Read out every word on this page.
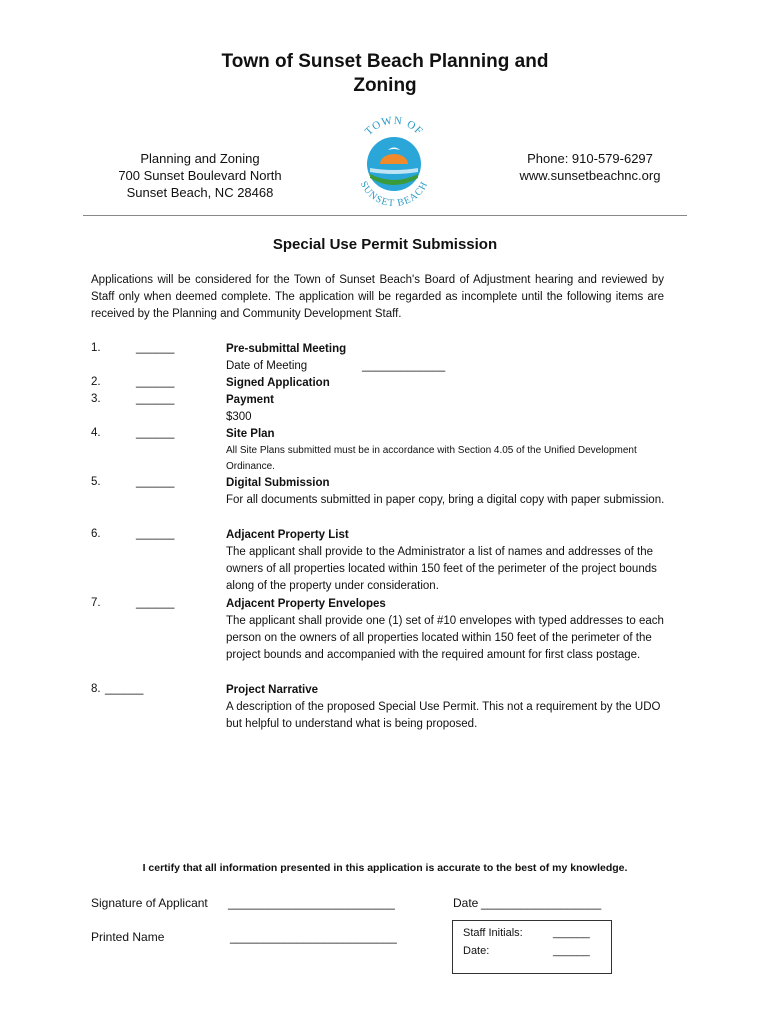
Town of Sunset Beach Planning and
Zoning
Planning and Zoning
700 Sunset Boulevard North
Sunset Beach, NC 28468
TOWN OF
SUNSET BEACH
Phone: 910-579-6297
www.sunsetbeachnc.org
Special Use Permit Submission
Applications will be considered for the Town of Sunset Beach's Board of Adjustment hearing and reviewed by Staff only when deemed complete. The application will be regarded as incomplete until the following items are received by the Planning and Community Development Staff.
1.	______	Pre-submittal Meeting
Date of Meeting	_____________
2.	______	Signed Application
3.	______	Payment
$300
4.	______	Site Plan
All Site Plans submitted must be in accordance with Section 4.05 of the Unified Development Ordinance.
5.	______	Digital Submission
For all documents submitted in paper copy, bring a digital copy with paper submission.
6.	______	Adjacent Property List
The applicant shall provide to the Administrator a list of names and addresses of the owners of all properties located within 150 feet of the perimeter of the project bounds along of the property under consideration.
7.	______	Adjacent Property Envelopes
The applicant shall provide one (1) set of #10 envelopes with typed addresses to each person on the owners of all properties located within 150 feet of the perimeter of the project bounds and accompanied with the required amount for first class postage.
8. ______	Project Narrative
A description of the proposed Special Use Permit. This not a requirement by the UDO but helpful to understand what is being proposed.
I certify that all information presented in this application is accurate to the best of my knowledge.
Signature of Applicant _________________________	Date __________________
Printed Name	_________________________	Staff Initials:	______
Date:	______
